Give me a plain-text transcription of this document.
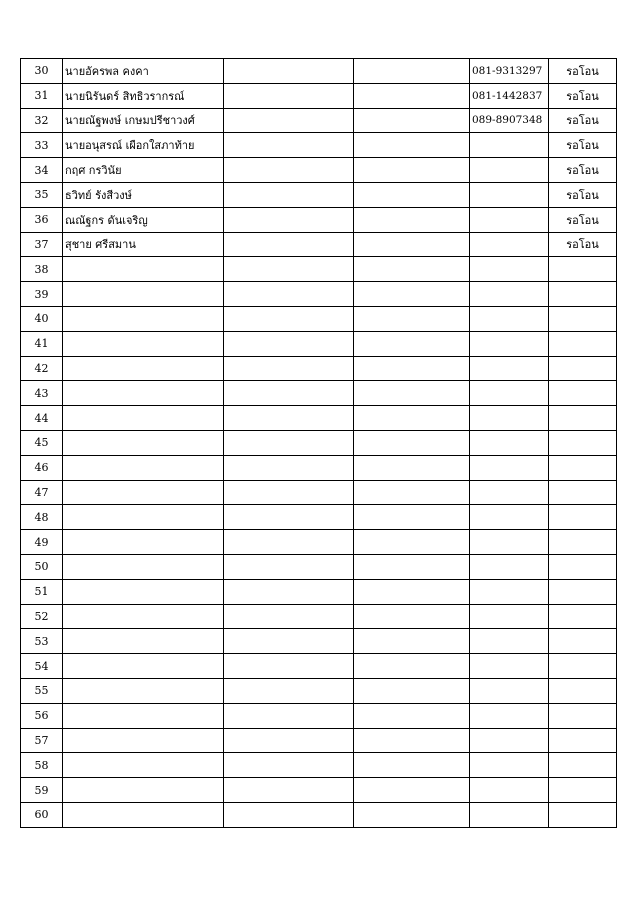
30	นายอัครพล คงคา			081-9313297	รอโอน
31	นายนิรันดร์ สิทธิวรากรณ์			081-1442837	รอโอน
32	นายณัฐพงษ์ เกษมปรีชาวงศ์			089-8907348	รอโอน
33	นายอนุสรณ์ เผือกใสภาท้าย				รอโอน
34	กฤศ กรวินัย				รอโอน
35	ธวิทย์ รังสีวงษ์				รอโอน
36	ณณัฐกร ดันเจริญ				รอโอน
37	สุชาย ศรีสมาน				รอโอน
38					
39					
40					
41					
42					
43					
44					
45					
46					
47					
48					
49					
50					
51					
52					
53					
54					
55					
56					
57					
58					
59					
60					
